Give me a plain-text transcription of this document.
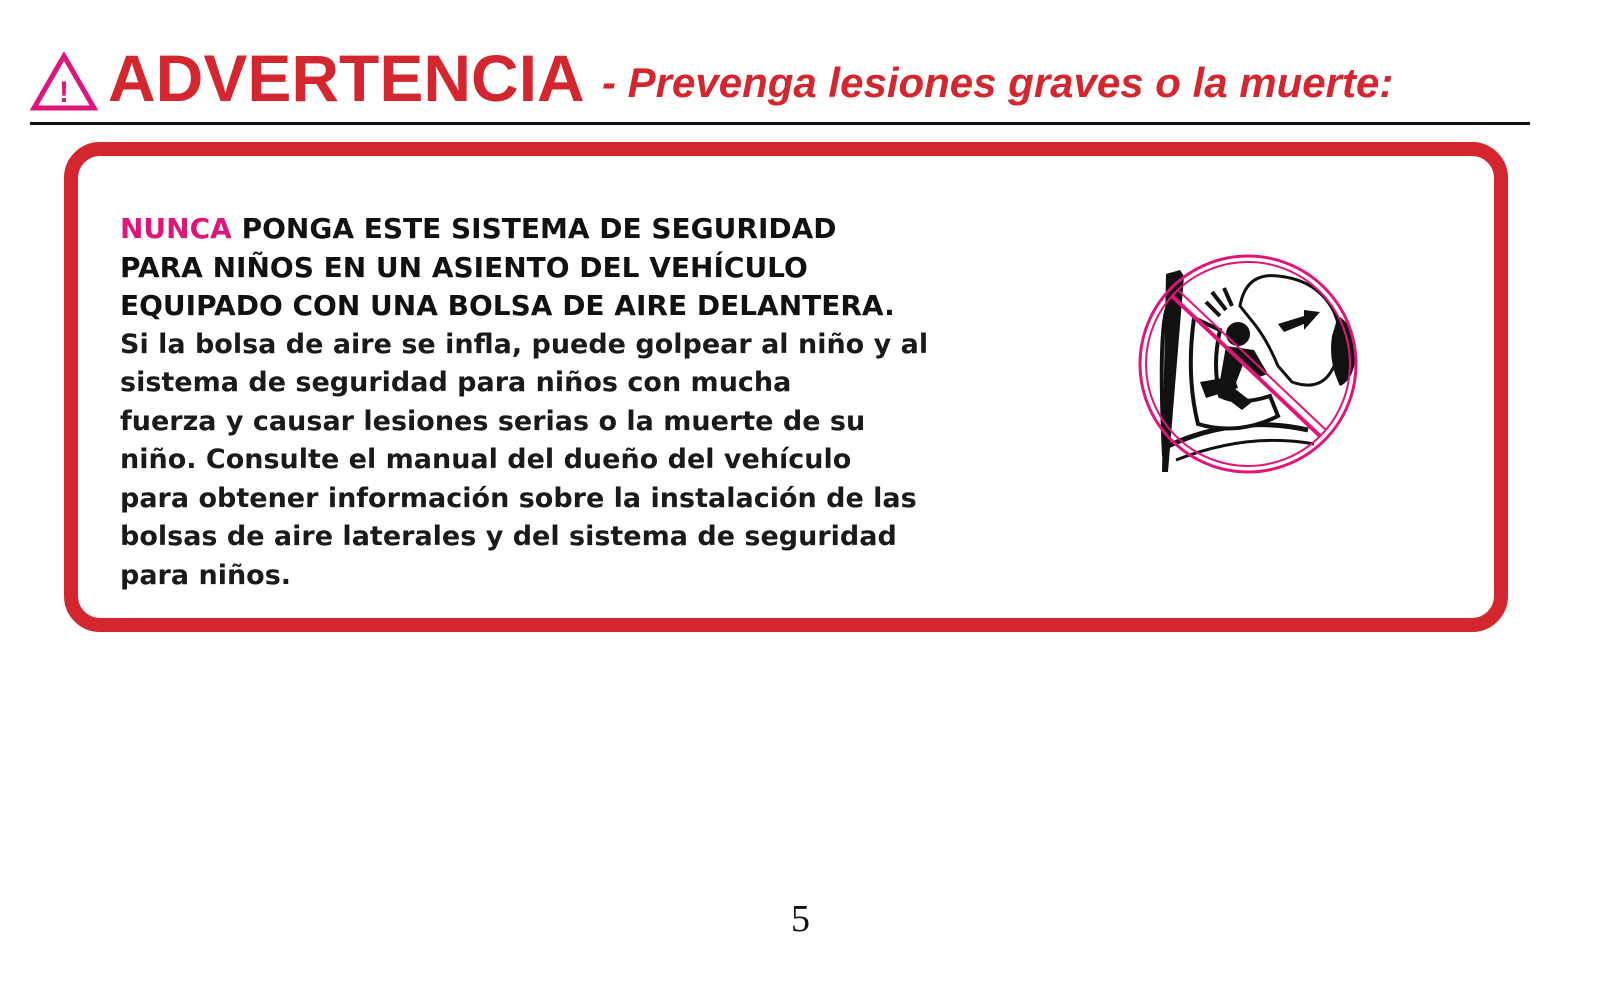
! ADVERTENCIA - Prevenga lesiones graves o la muerte:

NUNCA PONGA ESTE SISTEMA DE SEGURIDAD

PARA NIÑOS EN UN ASIENTO DEL VEHÍCULO

EQUIPADO CON UNA BOLSA DE AIRE DELANTERA.

Si la bolsa de aire se infla, puede golpear al niño y al

sistema de seguridad para niños con mucha

fuerza y causar lesiones serias o la muerte de su

niño. Consulte el manual del dueño del vehículo

para obtener información sobre la instalación de las

bolsas de aire laterales y del sistema de seguridad

para niños.

5
